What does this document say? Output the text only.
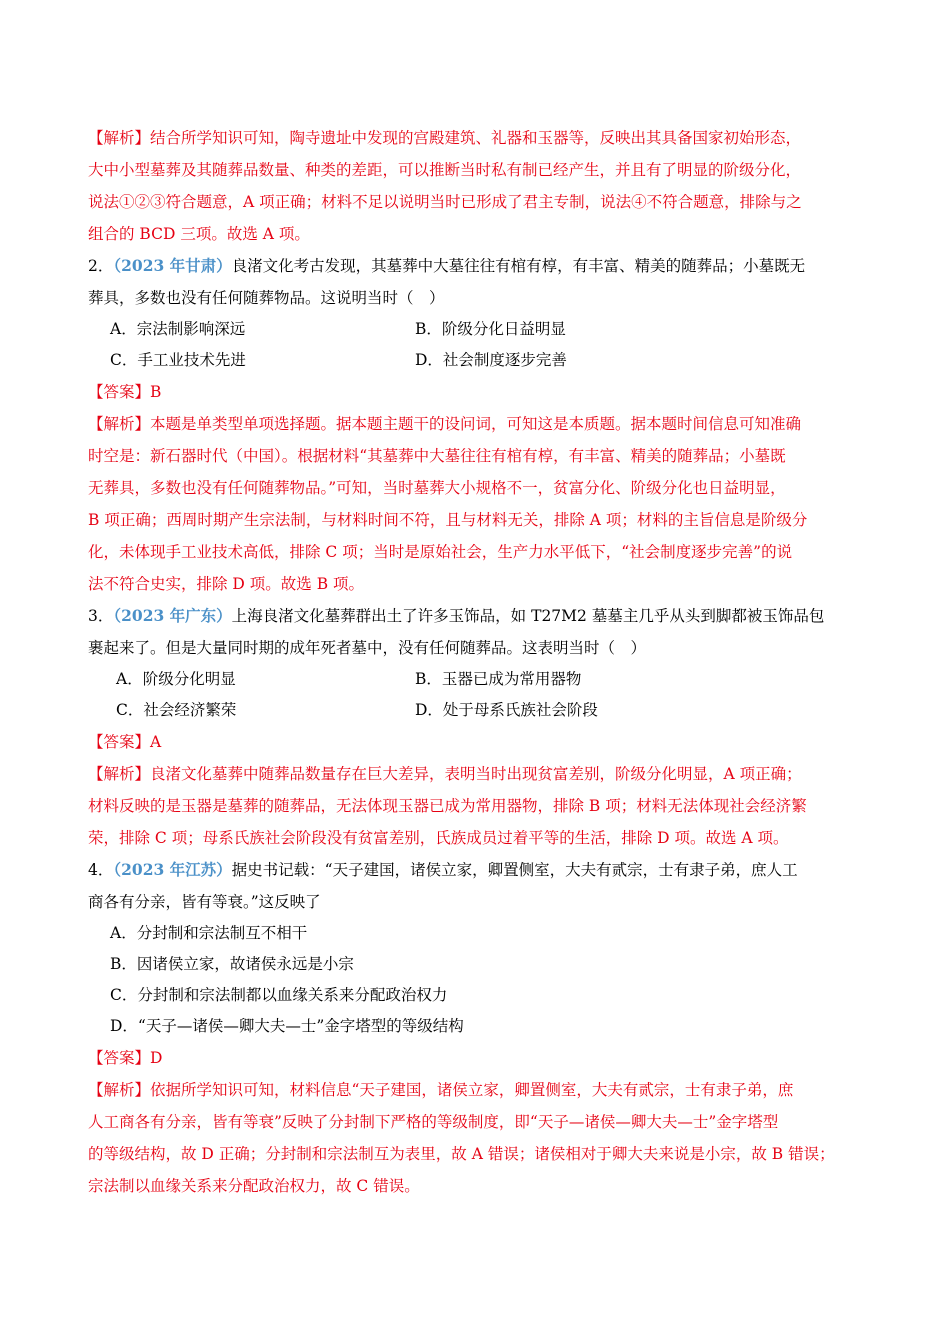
【解析】结合所学知识可知，陶寺遗址中发现的宫殿建筑、礼器和玉器等，反映出其具备国家初始形态，
大中小型墓葬及其随葬品数量、种类的差距，可以推断当时私有制已经产生，并且有了明显的阶级分化，
说法①②③符合题意，A 项正确；材料不足以说明当时已形成了君主专制，说法④不符合题意，排除与之
组合的 BCD 三项。故选 A 项。
2．（2023 年甘肃）良渚文化考古发现，其墓葬中大墓往往有棺有椁，有丰富、精美的随葬品；小墓既无
葬具，多数也没有任何随葬物品。这说明当时（　）
A．宗法制影响深远	B．阶级分化日益明显
C．手工业技术先进	D．社会制度逐步完善
【答案】B
【解析】本题是单类型单项选择题。据本题主题干的设问词，可知这是本质题。据本题时间信息可知准确
时空是：新石器时代（中国）。根据材料“其墓葬中大墓往往有棺有椁，有丰富、精美的随葬品；小墓既
无葬具，多数也没有任何随葬物品。”可知，当时墓葬大小规格不一，贫富分化、阶级分化也日益明显，
B 项正确；西周时期产生宗法制，与材料时间不符，且与材料无关，排除 A 项；材料的主旨信息是阶级分
化，未体现手工业技术高低，排除 C 项；当时是原始社会，生产力水平低下，“社会制度逐步完善”的说
法不符合史实，排除 D 项。故选 B 项。
3．（2023 年广东）上海良渚文化墓葬群出土了许多玉饰品，如 T27M2 墓墓主几乎从头到脚都被玉饰品包
裹起来了。但是大量同时期的成年死者墓中，没有任何随葬品。这表明当时（　）
A．阶级分化明显	B．玉器已成为常用器物
C．社会经济繁荣	D．处于母系氏族社会阶段
【答案】A
【解析】良渚文化墓葬中随葬品数量存在巨大差异，表明当时出现贫富差别，阶级分化明显，A 项正确；
材料反映的是玉器是墓葬的随葬品，无法体现玉器已成为常用器物，排除 B 项；材料无法体现社会经济繁
荣，排除 C 项；母系氏族社会阶段没有贫富差别，氏族成员过着平等的生活，排除 D 项。故选 A 项。
4．（2023 年江苏）据史书记载：“天子建国，诸侯立家，卿置侧室，大夫有贰宗，士有隶子弟，庶人工
商各有分亲，皆有等衰。”这反映了
A．分封制和宗法制互不相干
B．因诸侯立家，故诸侯永远是小宗
C．分封制和宗法制都以血缘关系来分配政治权力
D．“天子—诸侯—卿大夫—士”金字塔型的等级结构
【答案】D
【解析】依据所学知识可知，材料信息“天子建国，诸侯立家，卿置侧室，大夫有贰宗，士有隶子弟，庶
人工商各有分亲，皆有等衰”反映了分封制下严格的等级制度，即“天子—诸侯—卿大夫—士”金字塔型
的等级结构，故 D 正确；分封制和宗法制互为表里，故 A 错误；诸侯相对于卿大夫来说是小宗，故 B 错误；
宗法制以血缘关系来分配政治权力，故 C 错误。
